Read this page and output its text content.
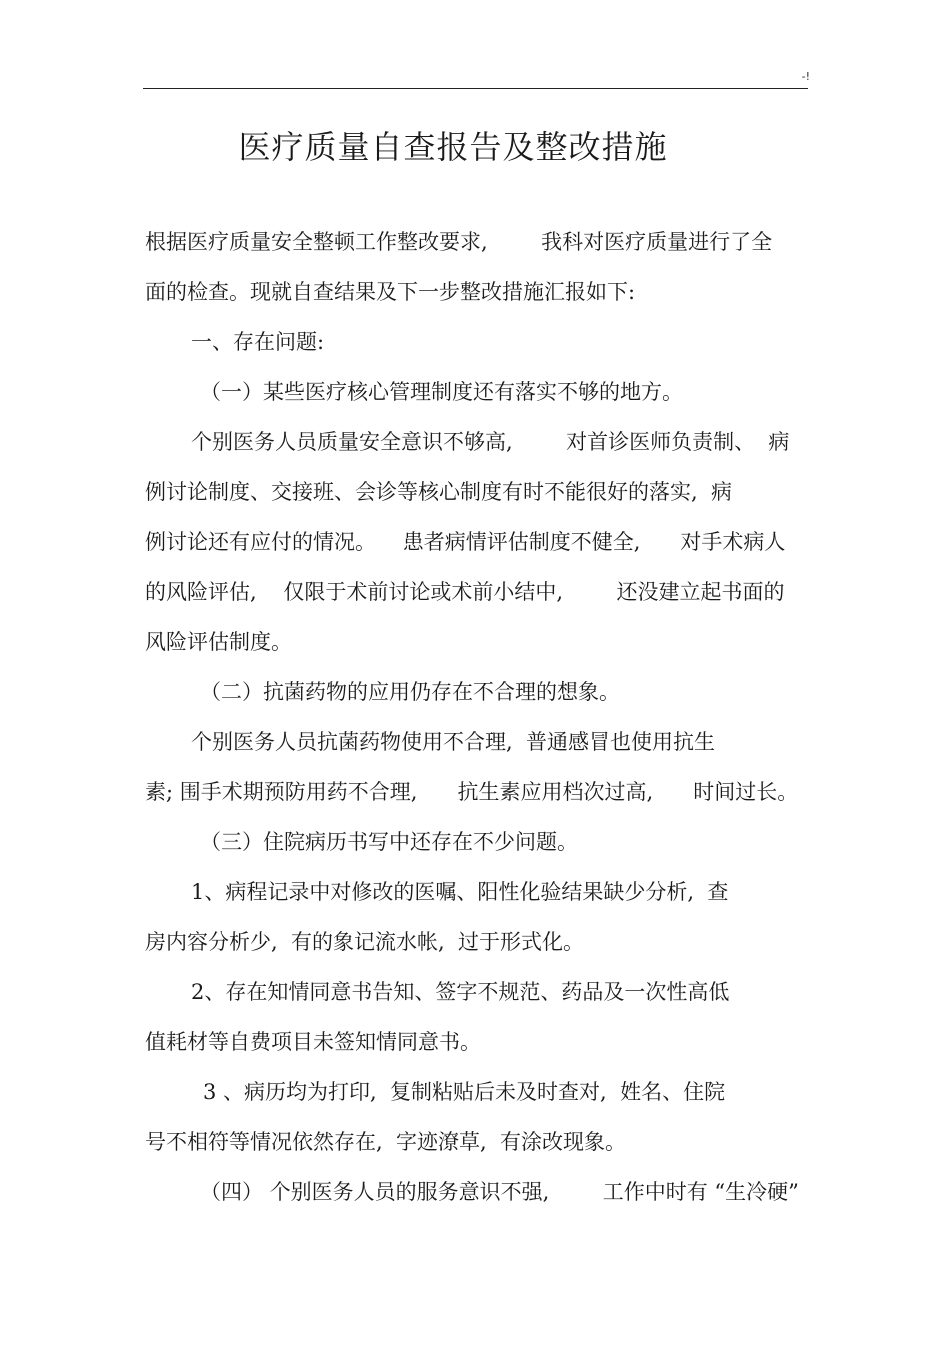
-!
医疗质量自查报告及整改措施
根据医疗质量安全整顿工作整改要求,        我科对医疗质量进行了全
面的检查。现就自查结果及下一步整改措施汇报如下:
一、存在问题:
（一）某些医疗核心管理制度还有落实不够的地方。
个别医务人员质量安全意识不够高,        对首诊医师负责制、  病
例讨论制度、交接班、会诊等核心制度有时不能很好的落实,  病
例讨论还有应付的情况。    患者病情评估制度不健全,      对手术病人
的风险评估,    仅限于术前讨论或术前小结中,        还没建立起书面的
风险评估制度。
（二）抗菌药物的应用仍存在不合理的想象。
个别医务人员抗菌药物使用不合理,  普通感冒也使用抗生
素; 围手术期预防用药不合理,      抗生素应用档次过高,      时间过长。
（三）住院病历书写中还存在不少问题。
1、病程记录中对修改的医嘱、阳性化验结果缺少分析,  查
房内容分析少,  有的象记流水帐,  过于形式化。
2、存在知情同意书告知、签字不规范、药品及一次性高低
值耗材等自费项目未签知情同意书。
3 、病历均为打印,  复制粘贴后未及时查对,  姓名、住院
号不相符等情况依然存在,  字迹潦草,  有涂改现象。
（四） 个别医务人员的服务意识不强,        工作中时有 “生冷硬”
